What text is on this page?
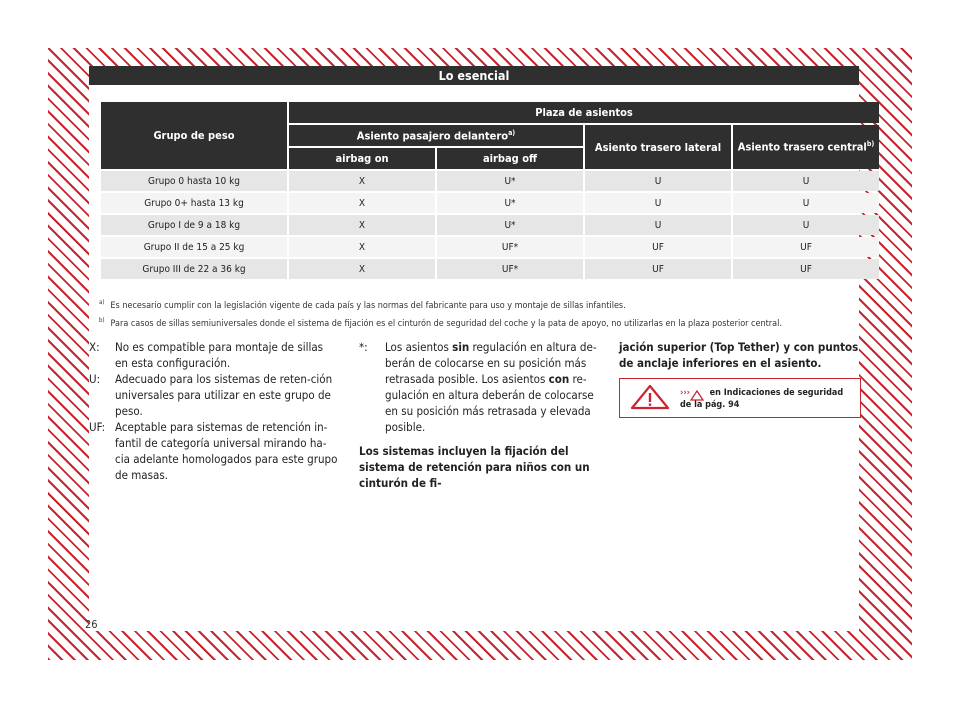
Lo esencial
Grupo de peso	Plaza de asientos			
	Asiento pasajero delantero$^{a)}$		Asiento trasero lateral	Asiento trasero central$^{b)}$
	airbag on	airbag off		
Grupo 0 hasta 10 kg	X	U*	U	U
Grupo 0+ hasta 13 kg	X	U*	U	U
Grupo I de 9 a 18 kg	X	U*	U	U
Grupo II de 15 a 25 kg	X	UF*	UF	UF
Grupo III de 22 a 36 kg	X	UF*	UF	UF
$^{a)}$ Es necesario cumplir con la legislación vigente de cada país y las normas del fabricante para uso y montaje de sillas infantiles.
$^{b)}$ Para casos de sillas semiuniversales donde el sistema de fijación es el cinturón de seguridad del coche y la pata de apoyo, no utilizarlas en la plaza posterior central.
X:	No es compatible para montaje de sillas en esta configuración.
U:	Adecuado para los sistemas de reten-ción universales para utilizar en este grupo de peso.
UF: Aceptable para sistemas de retención in-fantil de categoría universal mirando ha-cia adelante homologados para este grupo de masas.
*:	Los asientos sin regulación en altura de-berán de colocarse en su posición más retrasada posible. Los asientos con re-gulación en altura deberán de colocarse en su posición más retrasada y elevada posible.
Los sistemas incluyen la fijación del sistema de retención para niños con un cinturón de fi-
jación superior (Top Tether) y con puntos de anclaje inferiores en el asiento.
››› en Indicaciones de seguridad de la pág. 94
26
